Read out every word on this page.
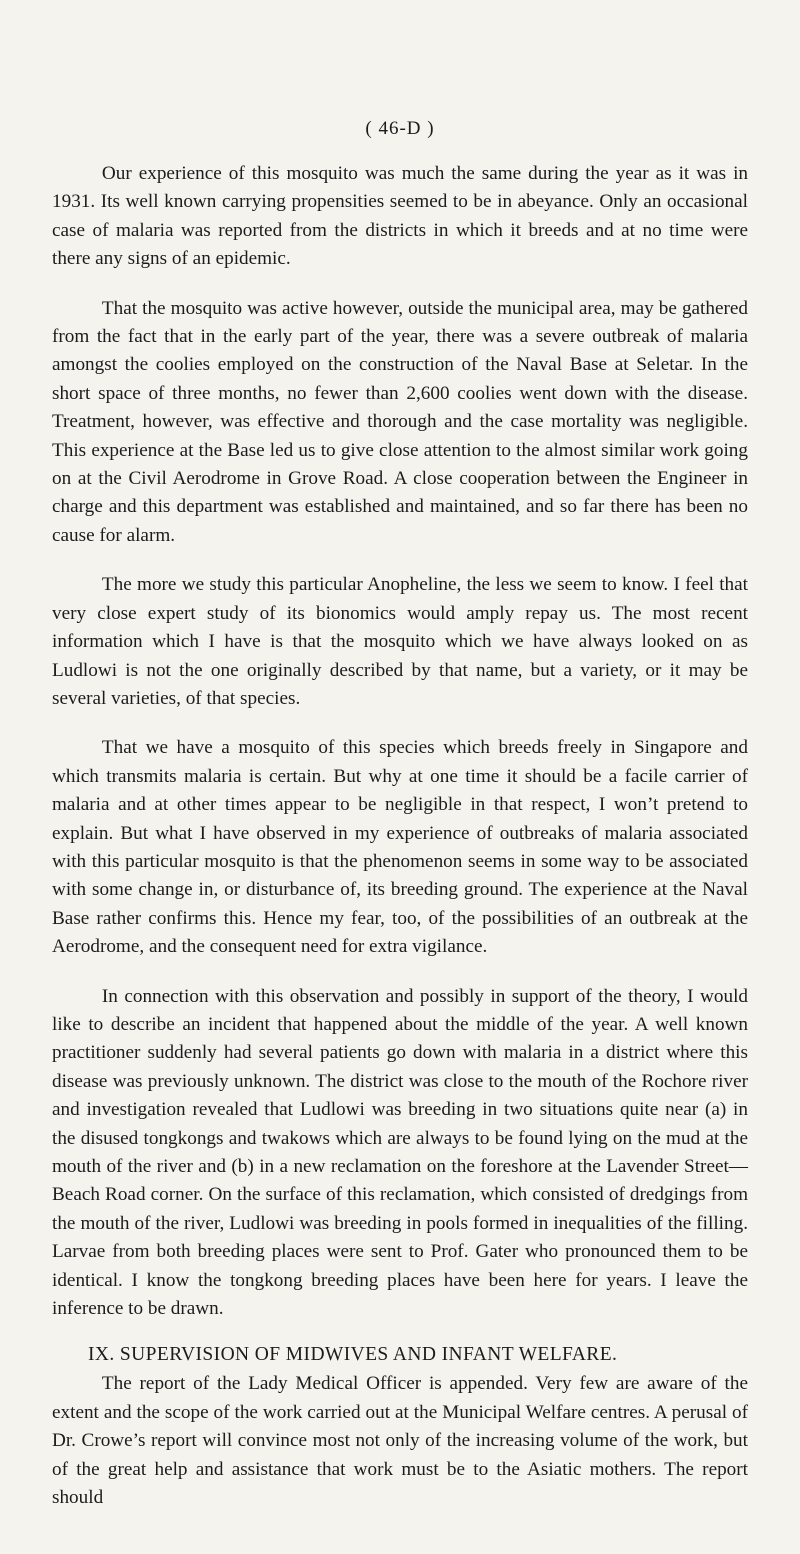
( 46-D )

Our experience of this mosquito was much the same during the year as it was in 1931. Its well known carrying propensities seemed to be in abeyance. Only an occasional case of malaria was reported from the districts in which it breeds and at no time were there any signs of an epidemic.

That the mosquito was active however, outside the municipal area, may be gathered from the fact that in the early part of the year, there was a severe outbreak of malaria amongst the coolies employed on the construction of the Naval Base at Seletar. In the short space of three months, no fewer than 2,600 coolies went down with the disease. Treatment, however, was effective and thorough and the case mortality was negligible. This experience at the Base led us to give close attention to the almost similar work going on at the Civil Aerodrome in Grove Road. A close cooperation between the Engineer in charge and this department was established and maintained, and so far there has been no cause for alarm.

The more we study this particular Anopheline, the less we seem to know. I feel that very close expert study of its bionomics would amply repay us. The most recent information which I have is that the mosquito which we have always looked on as Ludlowi is not the one originally described by that name, but a variety, or it may be several varieties, of that species.

That we have a mosquito of this species which breeds freely in Singapore and which transmits malaria is certain. But why at one time it should be a facile carrier of malaria and at other times appear to be negligible in that respect, I won’t pretend to explain. But what I have observed in my experience of outbreaks of malaria associated with this particular mosquito is that the phenomenon seems in some way to be associated with some change in, or disturbance of, its breeding ground. The experience at the Naval Base rather confirms this. Hence my fear, too, of the possibilities of an outbreak at the Aerodrome, and the consequent need for extra vigilance.

In connection with this observation and possibly in support of the theory, I would like to describe an incident that happened about the middle of the year. A well known practitioner suddenly had several patients go down with malaria in a district where this disease was previously unknown. The district was close to the mouth of the Rochore river and investigation revealed that Ludlowi was breeding in two situations quite near (a) in the disused tongkongs and twakows which are always to be found lying on the mud at the mouth of the river and (b) in a new reclamation on the foreshore at the Lavender Street—Beach Road corner. On the surface of this reclamation, which consisted of dredgings from the mouth of the river, Ludlowi was breeding in pools formed in inequalities of the filling. Larvae from both breeding places were sent to Prof. Gater who pronounced them to be identical. I know the tongkong breeding places have been here for years. I leave the inference to be drawn.

IX. SUPERVISION OF MIDWIVES AND INFANT WELFARE.

The report of the Lady Medical Officer is appended. Very few are aware of the extent and the scope of the work carried out at the Municipal Welfare centres. A perusal of Dr. Crowe’s report will convince most not only of the increasing volume of the work, but of the great help and assistance that work must be to the Asiatic mothers. The report should
